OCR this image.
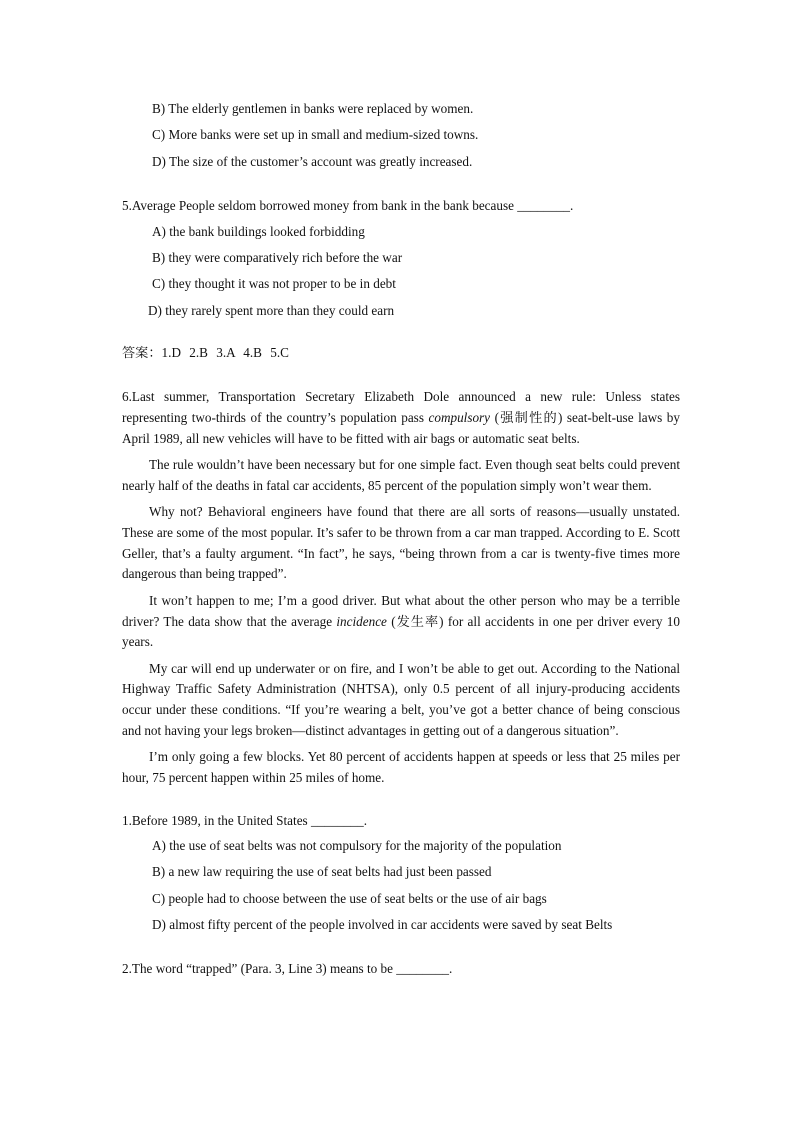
B) The elderly gentlemen in banks were replaced by women.
C) More banks were set up in small and medium-sized towns.
D) The size of the customer’s account was greatly increased.
5.Average People seldom borrowed money from bank in the bank because ________.
A) the bank buildings looked forbidding
B) they were comparatively rich before the war
C) they thought it was not proper to be in debt
D) they rarely spent more than they could earn
答案：1.D 2.B 3.A 4.B 5.C
6.Last summer, Transportation Secretary Elizabeth Dole announced a new rule: Unless states representing two-thirds of the country’s population pass compulsory (强制性的) seat-belt-use laws by April 1989, all new vehicles will have to be fitted with air bags or automatic seat belts.
The rule wouldn’t have been necessary but for one simple fact. Even though seat belts could prevent nearly half of the deaths in fatal car accidents, 85 percent of the population simply won’t wear them.
Why not? Behavioral engineers have found that there are all sorts of reasons—usually unstated. These are some of the most popular. It’s safer to be thrown from a car man trapped. According to E. Scott Geller, that’s a faulty argument. “In fact”, he says, “being thrown from a car is twenty-five times more dangerous than being trapped”.
It won’t happen to me; I’m a good driver. But what about the other person who may be a terrible driver? The data show that the average incidence (发生率) for all accidents in one per driver every 10 years.
My car will end up underwater or on fire, and I won’t be able to get out. According to the National Highway Traffic Safety Administration (NHTSA), only 0.5 percent of all injury-producing accidents occur under these conditions. “If you’re wearing a belt, you’ve got a better chance of being conscious and not having your legs broken—distinct advantages in getting out of a dangerous situation”.
I’m only going a few blocks. Yet 80 percent of accidents happen at speeds or less that 25 miles per hour, 75 percent happen within 25 miles of home.
1.Before 1989, in the United States ________.
A) the use of seat belts was not compulsory for the majority of the population
B) a new law requiring the use of seat belts had just been passed
C) people had to choose between the use of seat belts or the use of air bags
D) almost fifty percent of the people involved in car accidents were saved by seat Belts
2.The word “trapped” (Para. 3, Line 3) means to be ________.
